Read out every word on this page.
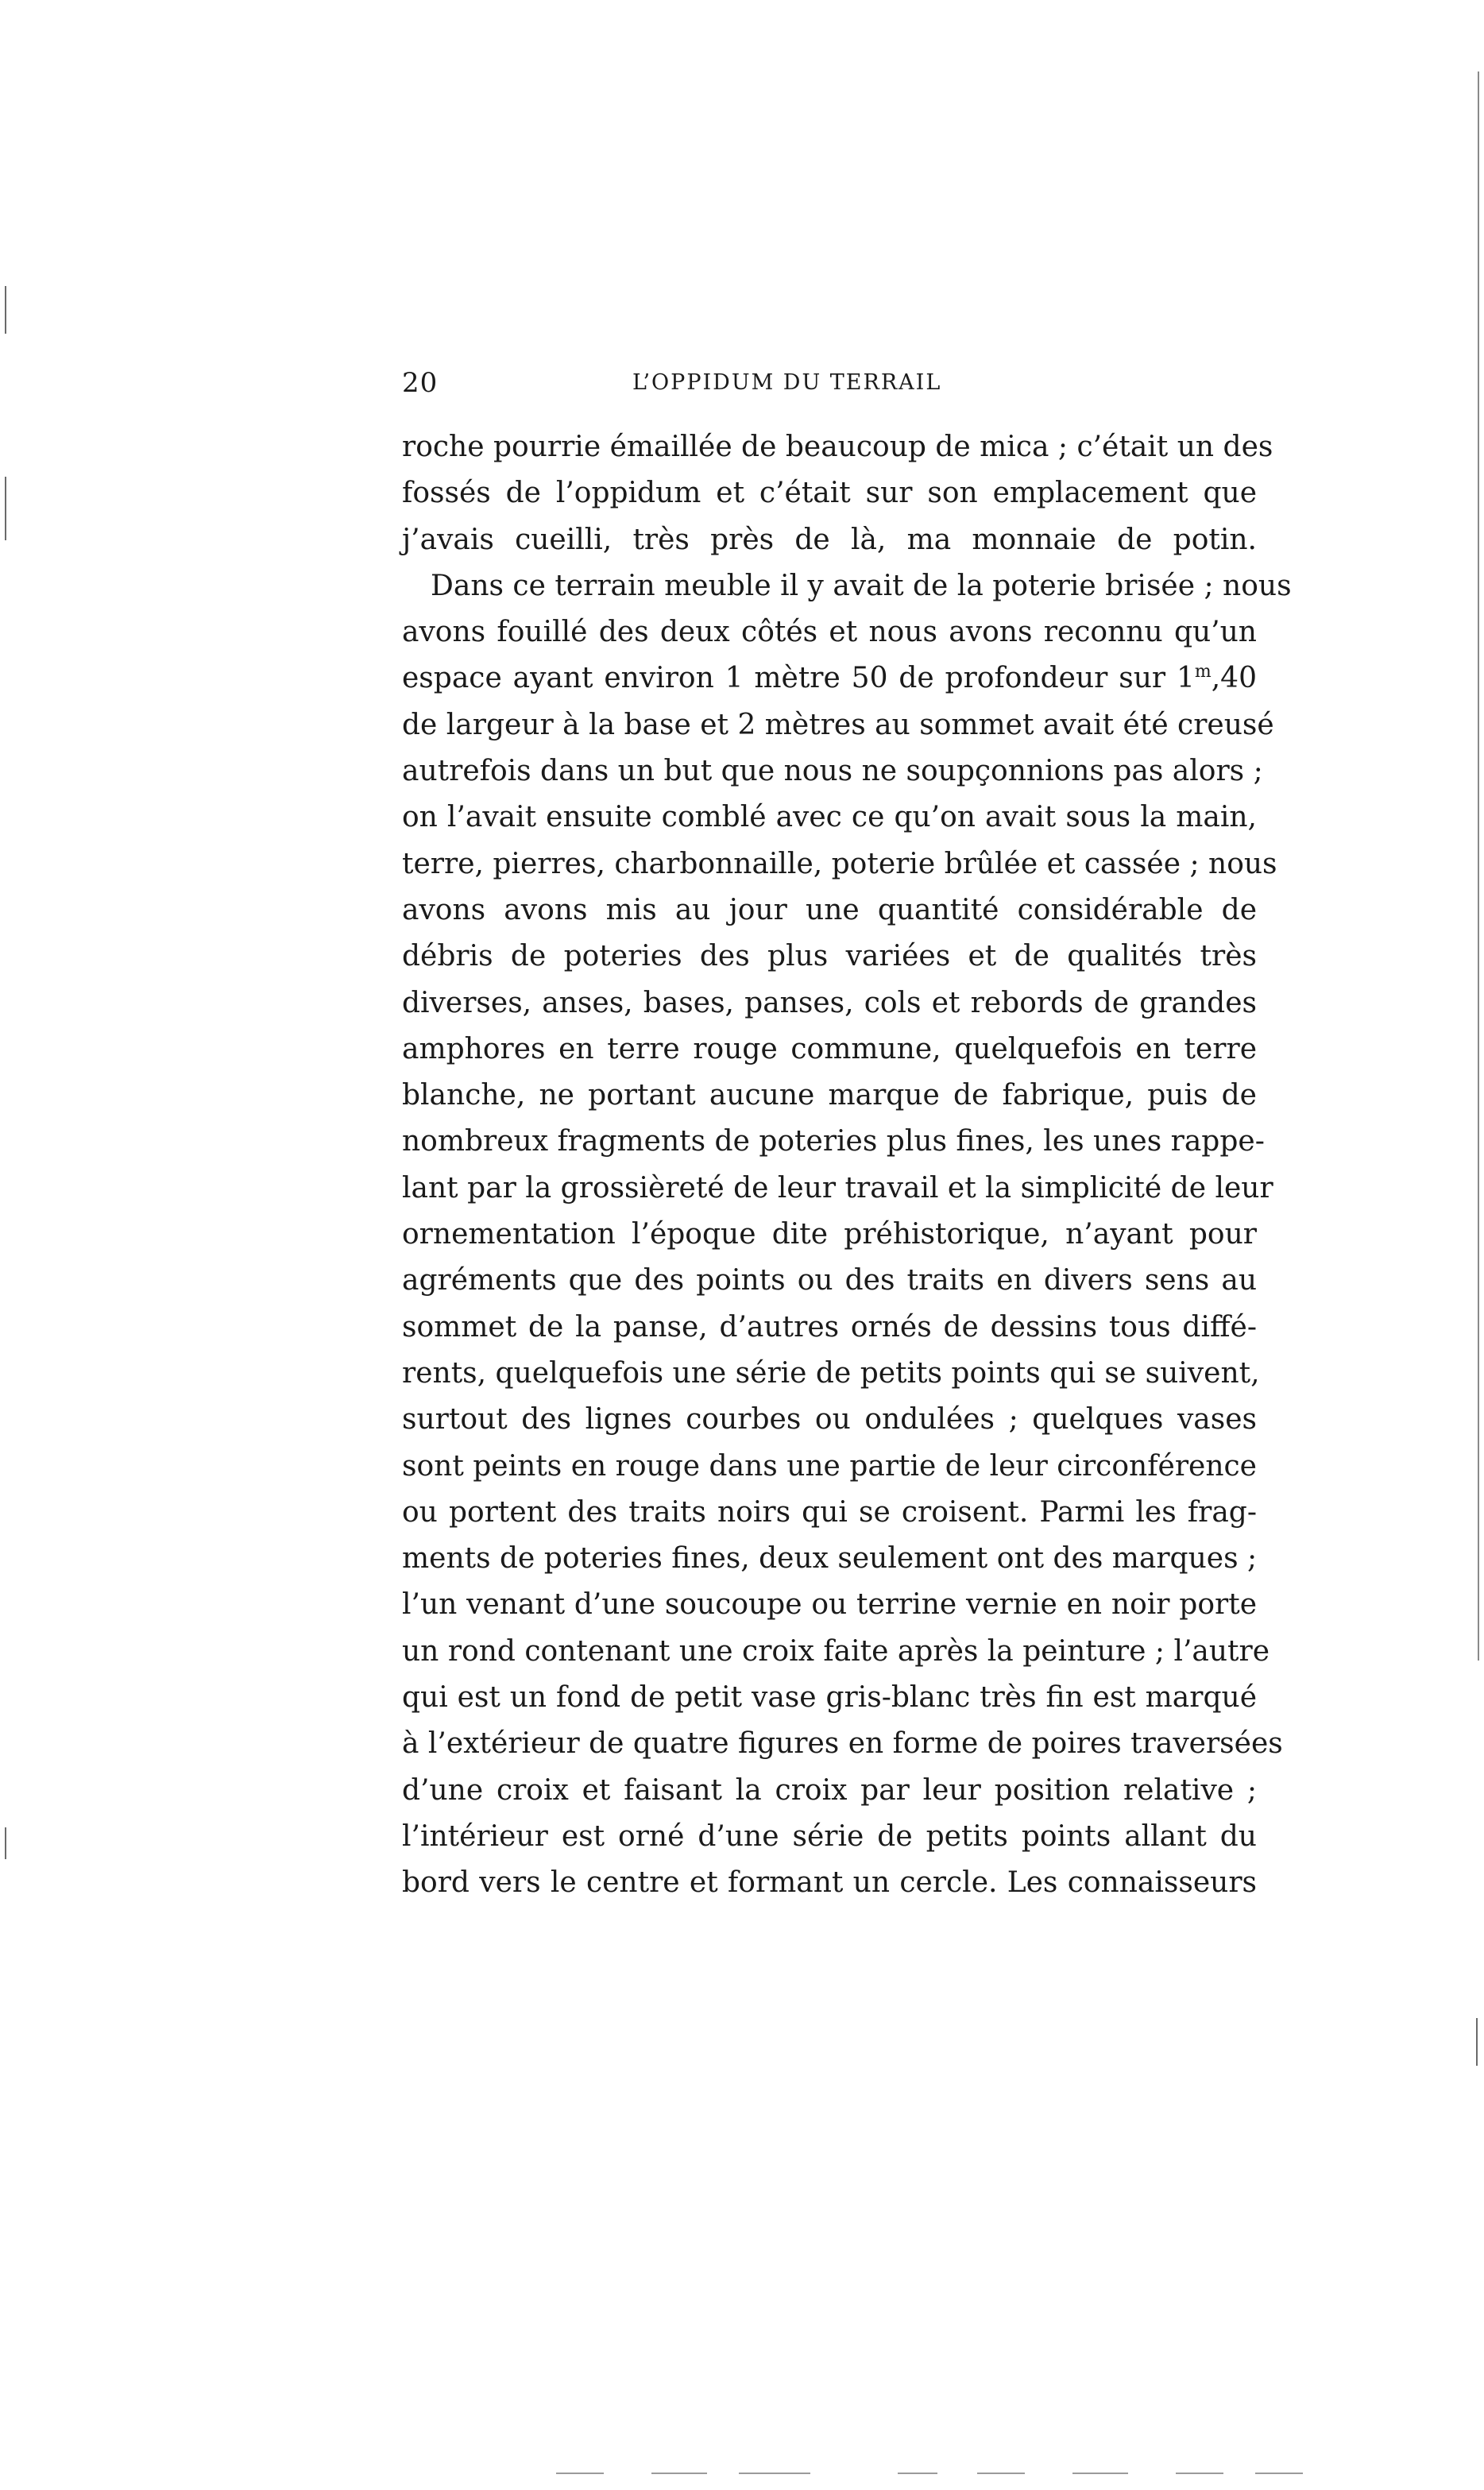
20	L’OPPIDUM DU TERRAIL
roche pourrie émaillée de beaucoup de mica ; c’était un des
fossés de l’oppidum et c’était sur son emplacement que
j’avais cueilli, très près de là, ma monnaie de potin.
Dans ce terrain meuble il y avait de la poterie brisée ; nous
avons fouillé des deux côtés et nous avons reconnu qu’un
espace ayant environ 1 mètre 50 de profondeur sur 1$^m$,40
de largeur à la base et 2 mètres au sommet avait été creusé
autrefois dans un but que nous ne soupçonnions pas alors ;
on l’avait ensuite comblé avec ce qu’on avait sous la main,
terre, pierres, charbonnaille, poterie brûlée et cassée ; nous
avons avons mis au jour une quantité considérable de
débris de poteries des plus variées et de qualités très
diverses, anses, bases, panses, cols et rebords de grandes
amphores en terre rouge commune, quelquefois en terre
blanche, ne portant aucune marque de fabrique, puis de
nombreux fragments de poteries plus fines, les unes rappe-
lant par la grossièreté de leur travail et la simplicité de leur
ornementation l’époque dite préhistorique, n’ayant pour
agréments que des points ou des traits en divers sens au
sommet de la panse, d’autres ornés de dessins tous diffé-
rents, quelquefois une série de petits points qui se suivent,
surtout des lignes courbes ou ondulées ; quelques vases
sont peints en rouge dans une partie de leur circonférence
ou portent des traits noirs qui se croisent. Parmi les frag-
ments de poteries fines, deux seulement ont des marques ;
l’un venant d’une soucoupe ou terrine vernie en noir porte
un rond contenant une croix faite après la peinture ; l’autre
qui est un fond de petit vase gris-blanc très fin est marqué
à l’extérieur de quatre figures en forme de poires traversées
d’une croix et faisant la croix par leur position relative ;
l’intérieur est orné d’une série de petits points allant du
bord vers le centre et formant un cercle. Les connaisseurs
